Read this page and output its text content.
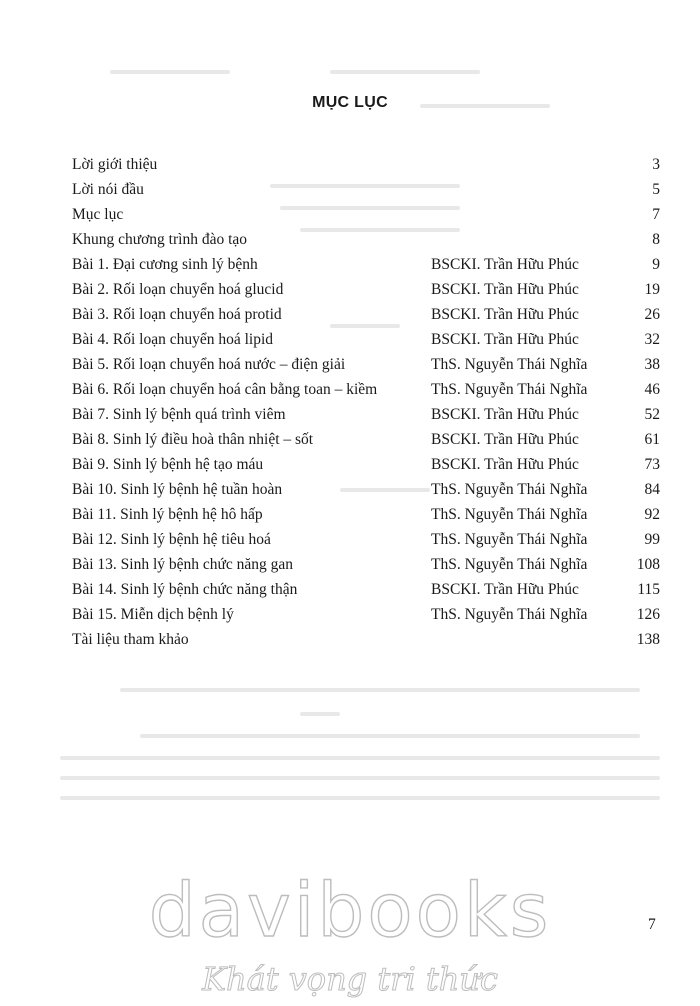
MỤC LỤC
Lời giới thiệu	3
Lời nói đầu	5
Mục lục	7
Khung chương trình đào tạo	8
Bài 1. Đại cương sinh lý bệnh	BSCKI. Trần Hữu Phúc	9
Bài 2. Rối loạn chuyển hoá glucid	BSCKI. Trần Hữu Phúc	19
Bài 3. Rối loạn chuyển hoá protid	BSCKI. Trần Hữu Phúc	26
Bài 4. Rối loạn chuyển hoá lipid	BSCKI. Trần Hữu Phúc	32
Bài 5. Rối loạn chuyển hoá nước – điện giải	ThS. Nguyễn Thái Nghĩa	38
Bài 6. Rối loạn chuyển hoá cân bằng toan – kiềm	ThS. Nguyễn Thái Nghĩa	46
Bài 7. Sinh lý bệnh quá trình viêm	BSCKI. Trần Hữu Phúc	52
Bài 8. Sinh lý điều hoà thân nhiệt – sốt	BSCKI. Trần Hữu Phúc	61
Bài 9. Sinh lý bệnh hệ tạo máu	BSCKI. Trần Hữu Phúc	73
Bài 10. Sinh lý bệnh hệ tuần hoàn	ThS. Nguyễn Thái Nghĩa	84
Bài 11. Sinh lý bệnh hệ hô hấp	ThS. Nguyễn Thái Nghĩa	92
Bài 12. Sinh lý bệnh hệ tiêu hoá	ThS. Nguyễn Thái Nghĩa	99
Bài 13. Sinh lý bệnh chức năng gan	ThS. Nguyễn Thái Nghĩa	108
Bài 14. Sinh lý bệnh chức năng thận	BSCKI. Trần Hữu Phúc	115
Bài 15. Miễn dịch bệnh lý	ThS. Nguyễn Thái Nghĩa	126
Tài liệu tham khảo	138
7
davibooks
Khát vọng tri thức
